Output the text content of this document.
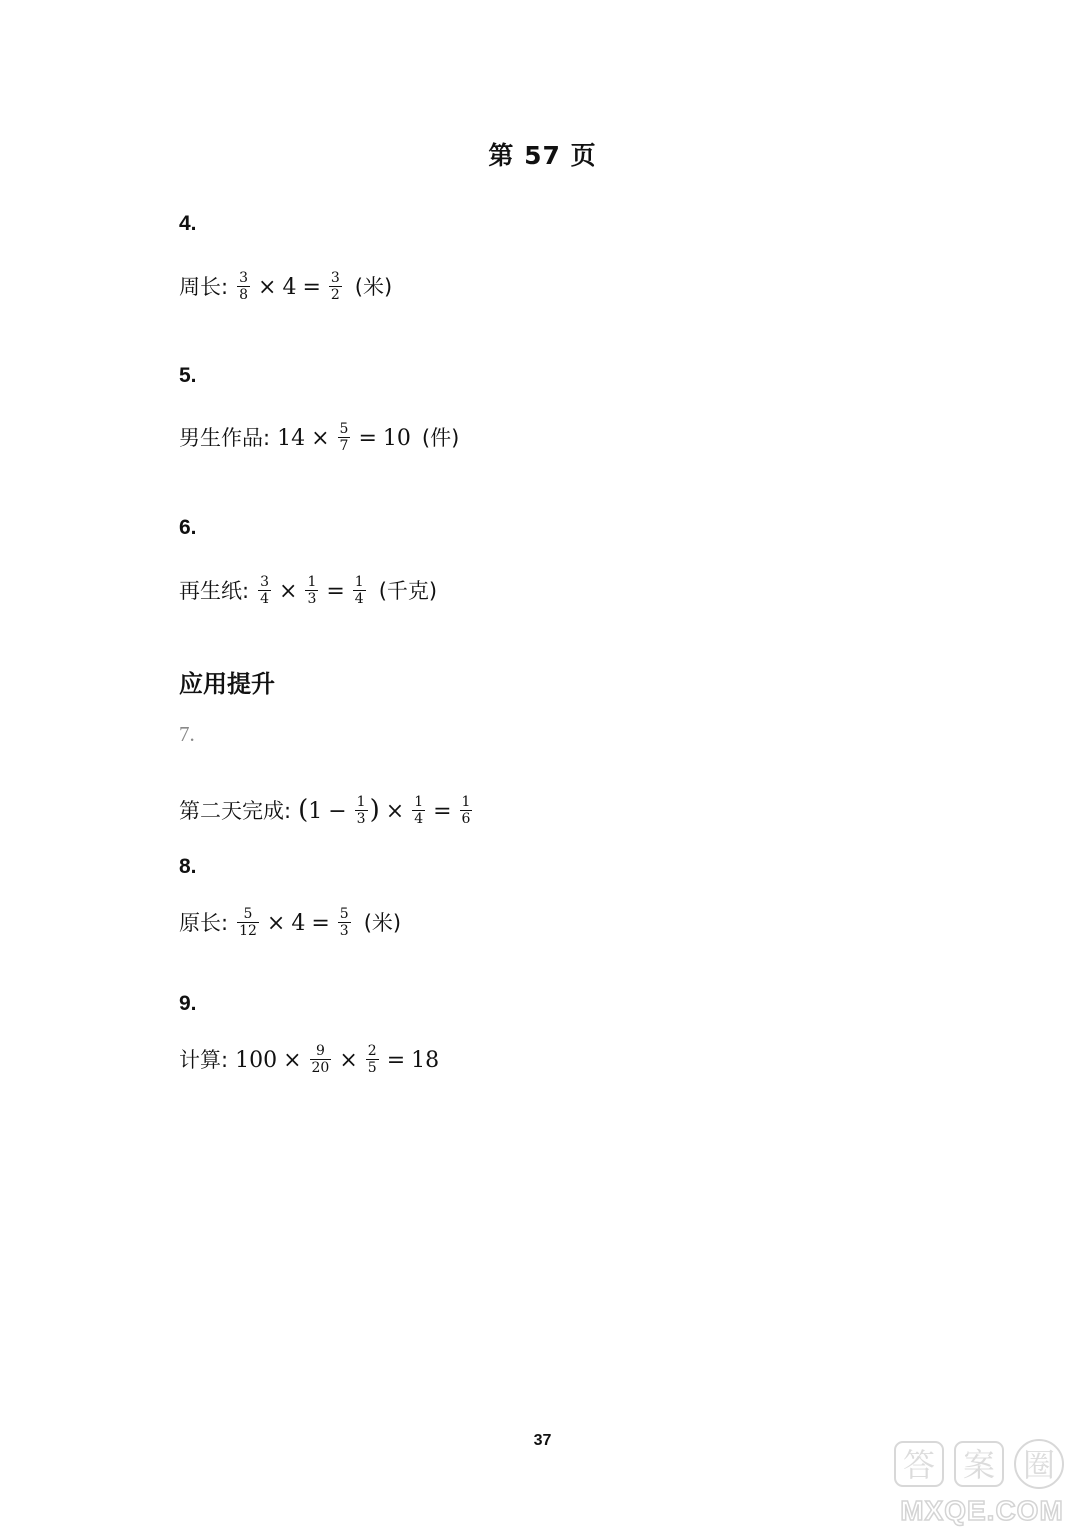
第 57 页
4.
周长: $\frac{3}{8} \times 4 = \frac{3}{2}$ (米)
5.
男生作品: $14 \times \frac{5}{7} = 10$ (件)
6.
再生纸: $\frac{3}{4} \times \frac{1}{3} = \frac{1}{4}$ (千克)
应用提升
7.
第二天完成: ($1 - \frac{1}{3}$ ) × $\frac{1}{4} = \frac{1}{6}$
8.
原长: $\frac{5}{12} \times 4 = \frac{5}{3}$ (米)
9.
计算: $100 \times \frac{9}{20} \times \frac{2}{5} = 18$
37
答 案 圈
MXQE.COM
